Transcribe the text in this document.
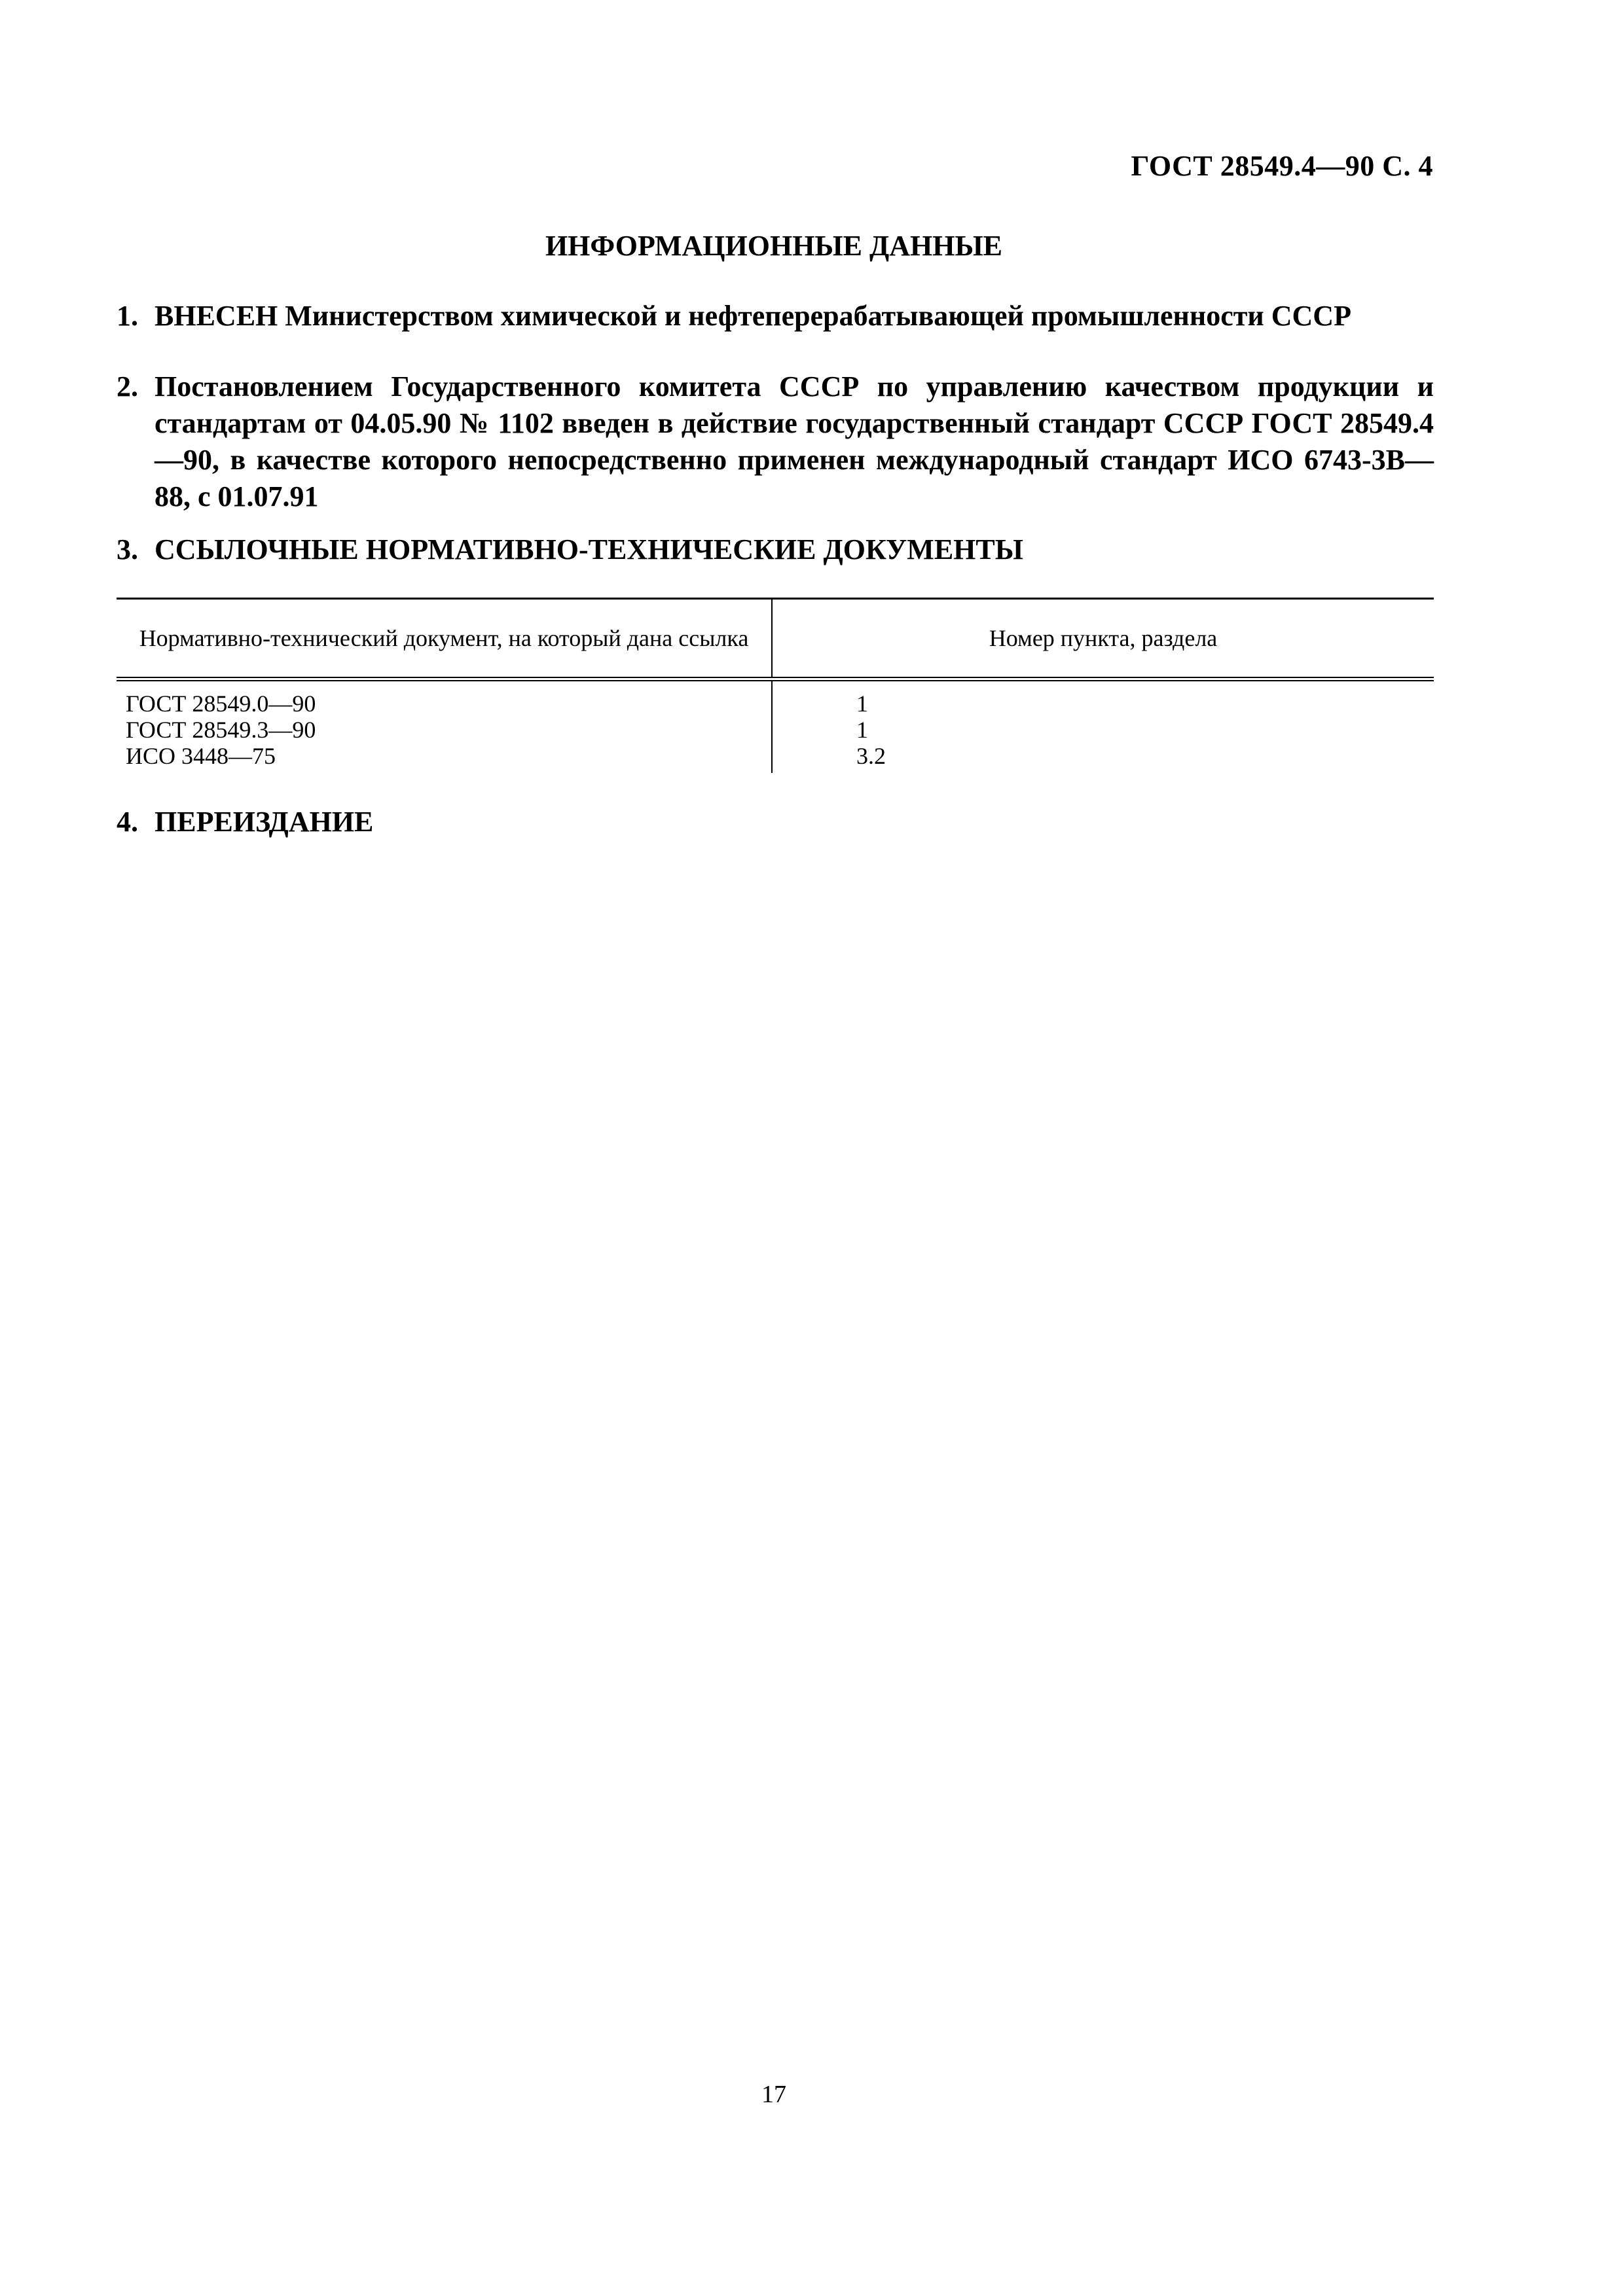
ГОСТ 28549.4—90 С. 4
ИНФОРМАЦИОННЫЕ ДАННЫЕ
1. ВНЕСЕН Министерством химической и нефтеперерабатывающей промышленности СССР
2. Постановлением Государственного комитета СССР по управлению качеством продукции и стандартам от 04.05.90 № 1102 введен в действие государственный стандарт СССР ГОСТ 28549.4—90, в качестве которого непосредственно применен международный стандарт ИСО 6743-3В—88, с 01.07.91
3. ССЫЛОЧНЫЕ НОРМАТИВНО-ТЕХНИЧЕСКИЕ ДОКУМЕНТЫ
Нормативно-технический документ, на который дана ссылка	Номер пункта, раздела
ГОСТ 28549.0—90	1
ГОСТ 28549.3—90	1
ИСО 3448—75	3.2
4. ПЕРЕИЗДАНИЕ
17
